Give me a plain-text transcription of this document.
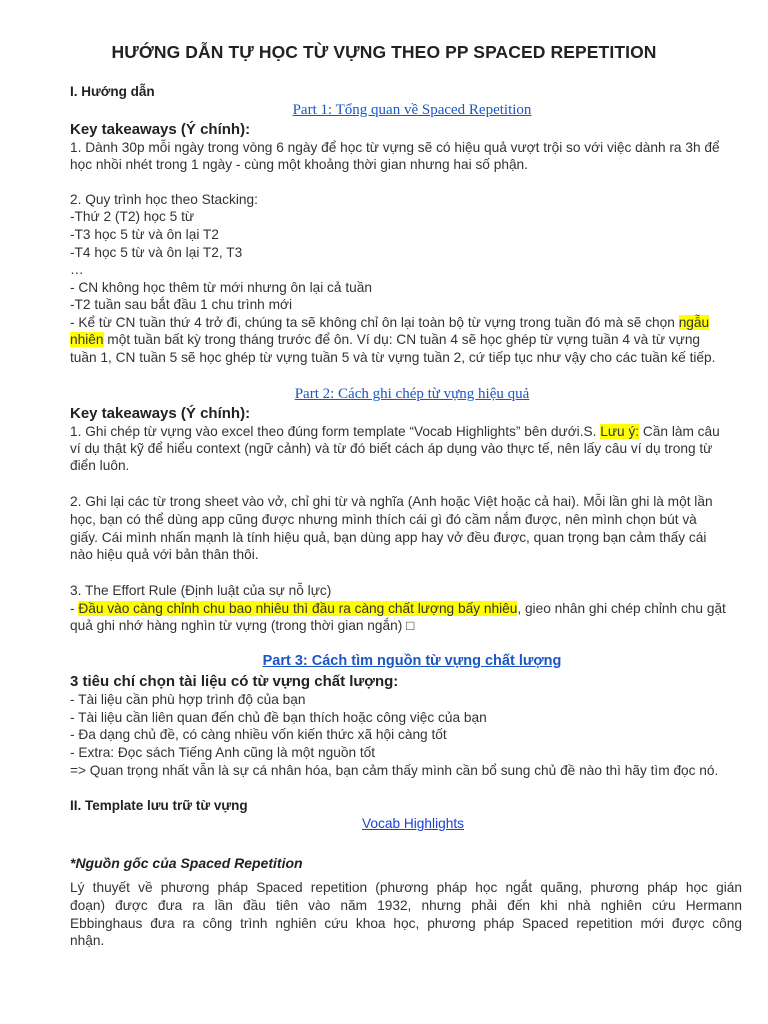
HƯỚNG DẪN TỰ HỌC TỪ VỰNG THEO PP SPACED REPETITION
I. Hướng dẫn
Part 1: Tổng quan về Spaced Repetition
Key takeaways (Ý chính):
1. Dành 30p mỗi ngày trong vòng 6 ngày để học từ vựng sẽ có hiệu quả vượt trội so với việc dành ra 3h để
học nhồi nhét trong 1 ngày - cùng một khoảng thời gian nhưng hai số phận.
2. Quy trình học theo Stacking:
-Thứ 2 (T2) học 5 từ
-T3 học 5 từ và ôn lại T2
-T4 học 5 từ và ôn lại T2, T3
…
- CN không học thêm từ mới nhưng ôn lại cả tuần
-T2 tuần sau bắt đầu 1 chu trình mới
- Kể từ CN tuần thứ 4 trở đi, chúng ta sẽ không chỉ ôn lại toàn bộ từ vựng trong tuần đó mà sẽ chọn ngẫu
nhiên một tuần bất kỳ trong tháng trước để ôn. Ví dụ: CN tuần 4 sẽ học ghép từ vựng tuần 4 và từ vựng
tuần 1, CN tuần 5 sẽ học ghép từ vựng tuần 5 và từ vựng tuần 2, cứ tiếp tục như vậy cho các tuần kế tiếp.
Part 2: Cách ghi chép từ vựng hiệu quả
Key takeaways (Ý chính):
1. Ghi chép từ vựng vào excel theo đúng form template “Vocab Highlights” bên dưới.S. Lưu ý: Cần làm câu
ví dụ thật kỹ để hiểu context (ngữ cảnh) và từ đó biết cách áp dụng vào thực tế, nên lấy câu ví dụ trong từ
điển luôn.
2. Ghi lại các từ trong sheet vào vở, chỉ ghi từ và nghĩa (Anh hoặc Việt hoặc cả hai). Mỗi lần ghi là một lần
học, bạn có thể dùng app cũng được nhưng mình thích cái gì đó cầm nắm được, nên mình chọn bút và
giấy. Cái mình nhấn mạnh là tính hiệu quả, bạn dùng app hay vở đều được, quan trọng bạn cảm thấy cái
nào hiệu quả với bản thân thôi.
3. The Effort Rule (Định luật của sự nỗ lực)
- Đầu vào càng chỉnh chu bao nhiêu thì đầu ra càng chất lượng bấy nhiêu, gieo nhân ghi chép chỉnh chu gặt
quả ghi nhớ hàng nghìn từ vựng (trong thời gian ngắn) □
Part 3: Cách tìm nguồn từ vựng chất lượng
3 tiêu chí chọn tài liệu có từ vựng chất lượng:
- Tài liệu cần phù hợp trình độ của bạn
- Tài liệu cần liên quan đến chủ đề bạn thích hoặc công việc của bạn
- Đa dạng chủ đề, có càng nhiều vốn kiến thức xã hội càng tốt
- Extra: Đọc sách Tiếng Anh cũng là một nguồn tốt
=> Quan trọng nhất vẫn là sự cá nhân hóa, bạn cảm thấy mình cần bổ sung chủ đề nào thì hãy tìm đọc nó.
II. Template lưu trữ từ vựng
Vocab Highlights
*Nguồn gốc của Spaced Repetition
Lý thuyết về phương pháp Spaced repetition (phương pháp học ngắt quãng, phương pháp học gián
đoạn) được đưa ra lần đầu tiên vào năm 1932, nhưng phải đến khi nhà nghiên cứu Hermann
Ebbinghaus đưa ra công trình nghiên cứu khoa học, phương pháp Spaced repetition mới được công
nhận.
